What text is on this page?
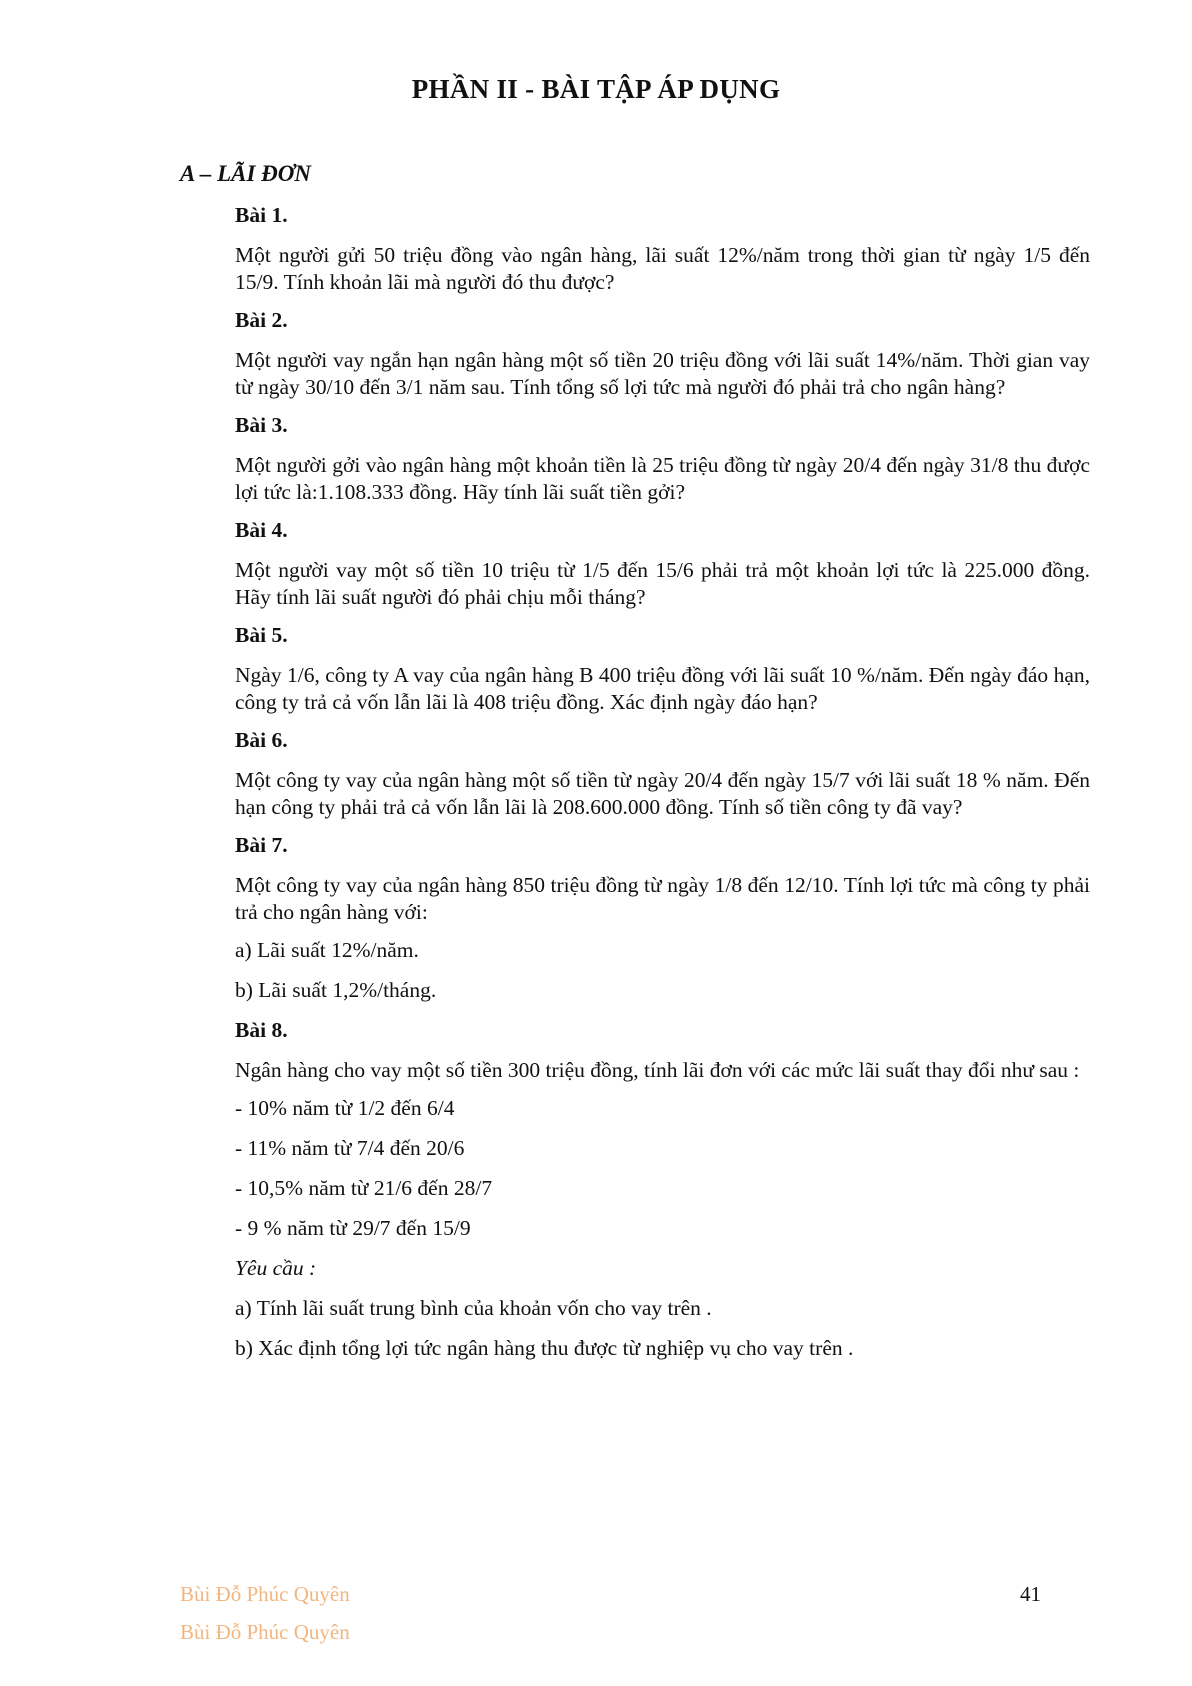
PHẦN II - BÀI TẬP ÁP DỤNG
A – LÃI ĐƠN
Bài 1.
Một người gửi 50 triệu đồng vào ngân hàng, lãi suất 12%/năm trong thời gian từ ngày 1/5 đến 15/9. Tính khoản lãi mà người đó thu được?
Bài 2.
Một người vay ngắn hạn ngân hàng một số tiền 20 triệu đồng với lãi suất 14%/năm. Thời gian vay từ ngày 30/10 đến 3/1 năm sau. Tính tổng số lợi tức mà người đó phải trả cho ngân hàng?
Bài 3.
Một người gởi vào ngân hàng một khoản tiền là 25 triệu đồng từ ngày 20/4 đến ngày 31/8 thu được lợi tức là:1.108.333 đồng. Hãy tính lãi suất tiền gởi?
Bài 4.
Một người vay một số tiền 10 triệu từ 1/5 đến 15/6 phải trả một khoản lợi tức là 225.000 đồng. Hãy tính lãi suất người đó phải chịu mỗi tháng?
Bài 5.
Ngày 1/6, công ty A vay của ngân hàng B 400 triệu đồng với lãi suất 10 %/năm. Đến ngày đáo hạn, công ty trả cả vốn lẫn lãi là 408 triệu đồng. Xác định ngày đáo hạn?
Bài 6.
Một công ty vay của ngân hàng một số tiền từ ngày 20/4 đến ngày 15/7 với lãi suất 18 % năm. Đến hạn công ty phải trả cả vốn lẫn lãi là 208.600.000 đồng. Tính số tiền công ty đã vay?
Bài 7.
Một công ty vay của ngân hàng 850 triệu đồng từ ngày 1/8 đến 12/10. Tính lợi tức mà công ty phải trả cho ngân hàng với:
a) Lãi suất 12%/năm.
b) Lãi suất 1,2%/tháng.
Bài 8.
Ngân hàng cho vay một số tiền 300 triệu đồng, tính lãi đơn với các mức lãi suất thay đổi như sau :
- 10% năm từ 1/2 đến 6/4
- 11% năm từ 7/4 đến 20/6
- 10,5% năm từ 21/6 đến 28/7
- 9 % năm từ 29/7 đến 15/9
Yêu cầu :
a) Tính lãi suất trung bình của khoản vốn cho vay trên .
b) Xác định tổng lợi tức ngân hàng thu được từ nghiệp vụ cho vay trên .
Bùi Đỗ Phúc Quyên
Bùi Đỗ Phúc Quyên
41
